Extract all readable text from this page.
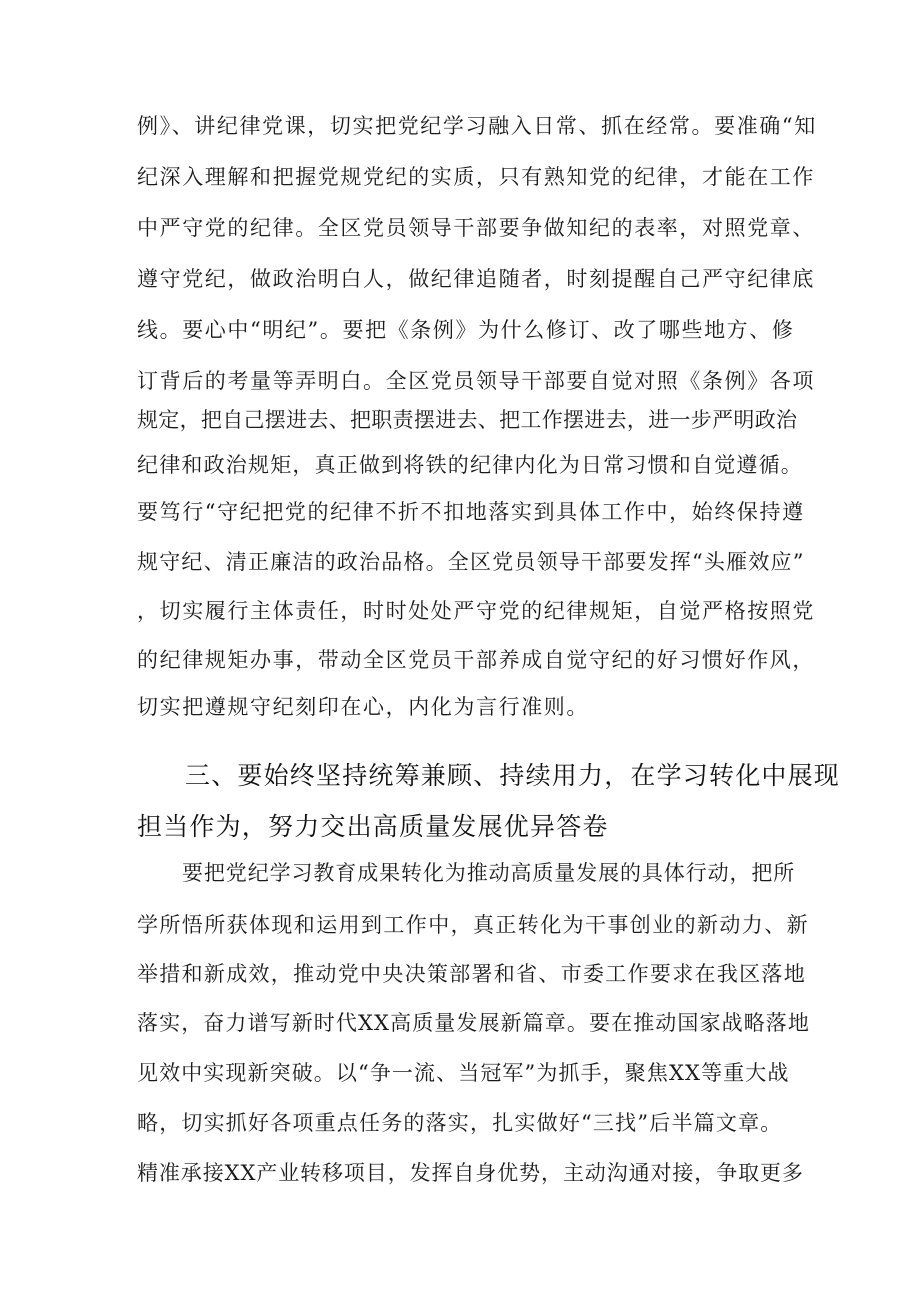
例》、讲纪律党课，切实把党纪学习融入日常、抓在经常。要准确“知

纪深入理解和把握党规党纪的实质，只有熟知党的纪律，才能在工作

中严守党的纪律。全区党员领导干部要争做知纪的表率，对照党章、

遵守党纪，做政治明白人，做纪律追随者，时刻提醒自己严守纪律底

线。要心中“明纪”。要把《条例》为什么修订、改了哪些地方、修

订背后的考量等弄明白。全区党员领导干部要自觉对照《条例》各项

规定，把自己摆进去、把职责摆进去、把工作摆进去，进一步严明政治

纪律和政治规矩，真正做到将铁的纪律内化为日常习惯和自觉遵循。

要笃行“守纪把党的纪律不折不扣地落实到具体工作中，始终保持遵

规守纪、清正廉洁的政治品格。全区党员领导干部要发挥“头雁效应”

，切实履行主体责任，时时处处严守党的纪律规矩，自觉严格按照党

的纪律规矩办事，带动全区党员干部养成自觉守纪的好习惯好作风，

切实把遵规守纪刻印在心，内化为言行准则。

三、要始终坚持统筹兼顾、持续用力，在学习转化中展现

担当作为，努力交出高质量发展优异答卷

要把党纪学习教育成果转化为推动高质量发展的具体行动，把所

学所悟所获体现和运用到工作中，真正转化为干事创业的新动力、新

举措和新成效，推动党中央决策部署和省、市委工作要求在我区落地

落实，奋力谱写新时代XX高质量发展新篇章。要在推动国家战略落地

见效中实现新突破。以“争一流、当冠军”为抓手，聚焦XX等重大战

略，切实抓好各项重点任务的落实，扎实做好“三找”后半篇文章。

精准承接XX产业转移项目，发挥自身优势，主动沟通对接，争取更多
